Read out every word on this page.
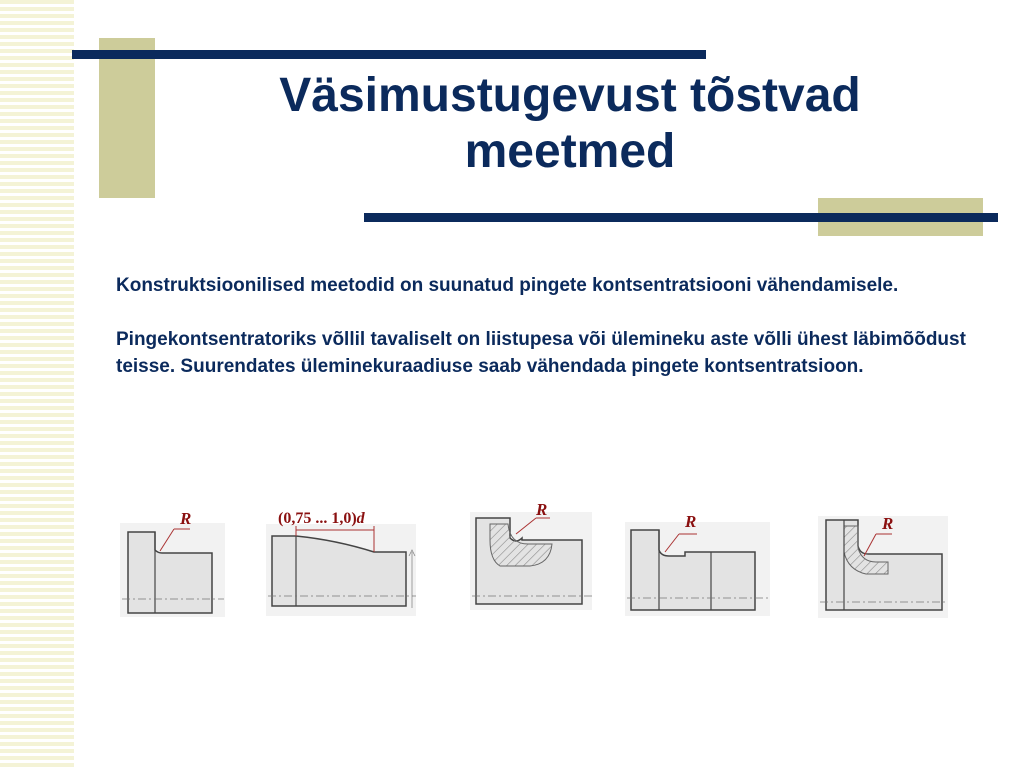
Väsimustugevust tõstvad
meetmed

Konstruktsioonilised meetodid on suunatud pingete kontsentratsiooni vähendamisele.

Pingekontsentratoriks võllil tavaliselt on liistupesa või ülemineku aste võlli ühest läbimõõdust teisse. Suurendates üleminekuraadiuse saab vähendada pingete kontsentratsioon.

R	(0,75 ... 1,0)d	R
R	R
